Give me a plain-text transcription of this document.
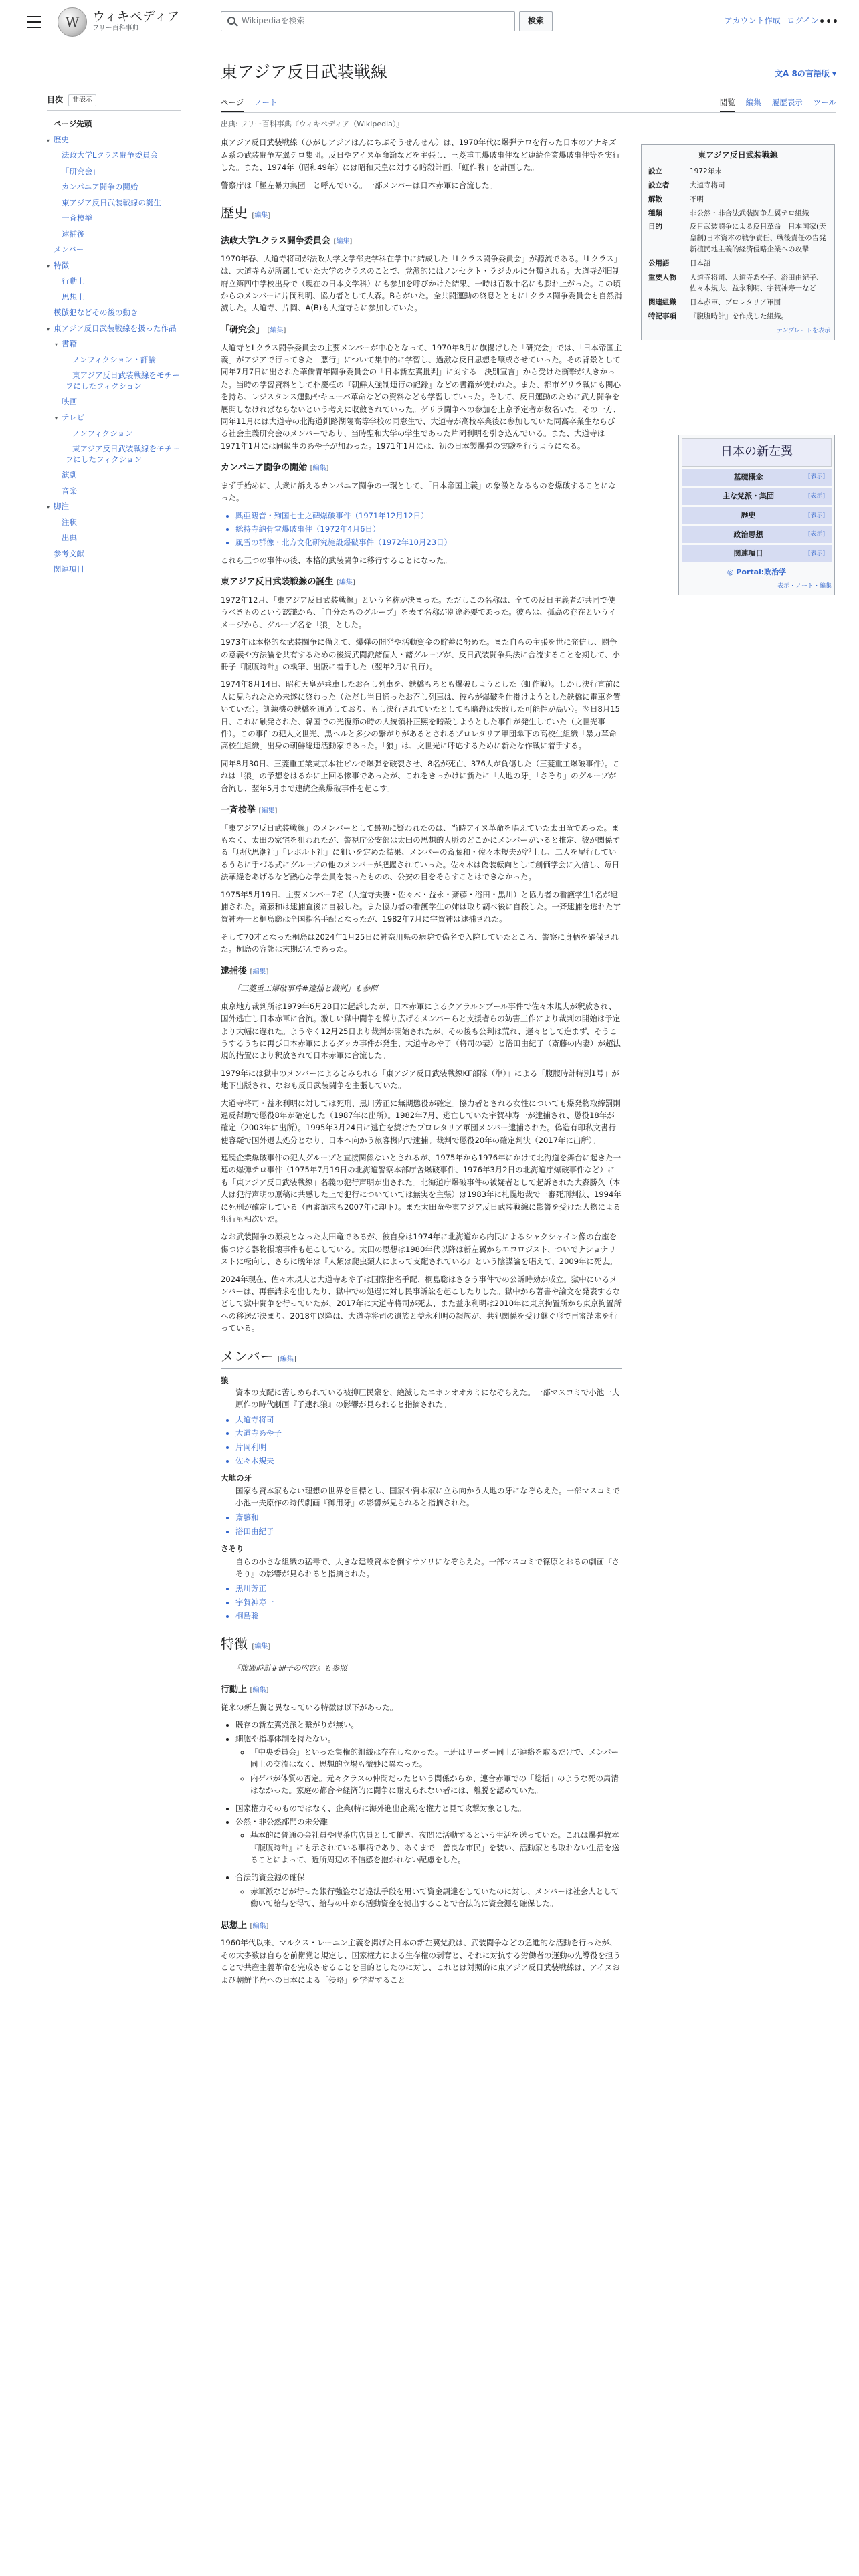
W	ウィキペディア
フリー百科事典
Wikipediaを検索	検索	アカウント作成 ログイン •••
目次	非表示
ページ先頭
▾ 歴史
法政大学Lクラス闘争委員会
「研究会」
カンパニア闘争の開始
東アジア反日武装戦線の誕生
一斉検挙
逮捕後
メンバー
▾ 特徴
行動上
思想上
模倣犯などその後の動き
▾ 東アジア反日武装戦線を扱った作品
▾ 書籍
ノンフィクション・評論
東アジア反日武装戦線をモチーフにしたフィクション
映画
▾ テレビ
ノンフィクション
東アジア反日武装戦線をモチーフにしたフィクション
演劇
音楽
▾ 脚注
注釈
出典
参考文献
関連項目
東アジア反日武装戦線	文A 8の言語版 ▾
ページ ノート	閲覧 編集 履歴表示 ツール
出典: フリー百科事典『ウィキペディア（Wikipedia）』

東アジア反日武装戦線（ひがしアジアはんにちぶそうせんせん）は、1970年代に爆弾テロを行った日本のアナキズム系の武装闘争左翼テロ集団。反日やアイヌ革命論などを主張し、三菱重工爆破事件など連続企業爆破事件等を実行した。また、1974年（昭和49年）には昭和天皇に対する暗殺計画、「虹作戦」を計画した。

警察庁は「極左暴力集団」と呼んでいる。一部メンバーは日本赤軍に合流した。

歴史 [編集]
法政大学Lクラス闘争委員会 [編集]

1970年春、大道寺将司が法政大学文学部史学科在学中に結成した「Lクラス闘争委員会」が源流である。「Lクラス」は、大道寺らが所属していた大学のクラスのことで、党派的にはノンセクト・ラジカルに分類される。大道寺が旧制府立第四中学校出身で（現在の日本文学科）にも参加を呼びかけた結果、一時は百数十名にも膨れ上がった。この頃からのメンバーに片岡利明、協力者として大森。Bらがいた。全共闘運動の終息とともにLクラス闘争委員会も自然消滅した。大道寺、片岡、A(B)も大道寺らに参加していた。

「研究会」 [編集]

大道寺とLクラス闘争委員会の主要メンバーが中心となって、1970年8月に旗揚げした「研究会」では、「日本帝国主義」がアジアで行ってきた「悪行」について集中的に学習し、過激な反日思想を醸成させていった。その背景として同年7月7日に出された華僑青年闘争委員会の「日本新左翼批判」に対する「決別宣言」から受けた衝撃が大きかった。当時の学習資料として朴慶植の『朝鮮人強制連行の記録』などの書籍が使われた。また、都市ゲリラ戦にも関心を持ち、レジスタンス運動やキューバ革命などの資料なども学習していった。そして、反日運動のために武力闘争を展開しなければならないという考えに収斂されていった。ゲリラ闘争への参加を上京予定者が数名いた。その一方、同年11月には大道寺の北海道釧路湖陵高等学校の同窓生で、大道寺が高校卒業後に参加していた同高卒業生ならびる社会主義研究会のメンバーであり、当時聖和大学の学生であった片岡利明を引き込んでいる。また、大道寺は1971年1月には同級生のあや子が加わった。1971年1月には、初の日本製爆弾の実験を行うようになる。

カンパニア闘争の開始 [編集]

まず手始めに、大衆に訴えるカンパニア闘争の一環として、「日本帝国主義」の象徴となるものを爆破することになった。

• 興亜観音・殉国七士之碑爆破事件（1971年12月12日）
• 総持寺納骨堂爆破事件（1972年4月6日）
• 風雪の群像・北方文化研究施設爆破事件（1972年10月23日）

これら三つの事件の後、本格的武装闘争に移行することになった。

東アジア反日武装戦線の誕生 [編集]

1972年12月、「東アジア反日武装戦線」という名称が決まった。ただしこの名称は、全ての反日主義者が共同で使うべきものという認識から、「自分たちのグループ」を表す名称が別途必要であった。彼らは、孤高の存在というイメージから、グループ名を「狼」とした。

1973年は本格的な武装闘争に備えて、爆弾の開発や活動資金の貯蓄に努めた。また自らの主張を世に発信し、闘争の意義や方法論を共有するための後続武闘派諸個人・諸グループが、反日武装闘争兵法に合流することを期して、小冊子『腹腹時計』の執筆、出版に着手した（翌年2月に刊行）。

1974年8月14日、昭和天皇が乗車したお召し列車を、鉄橋もろとも爆破しようとした（虹作戦）。しかし決行直前に人に見られたため未遂に終わった（ただし当日通ったお召し列車は、彼らが爆破を仕掛けようとした鉄橋に電車を置いていた）。訓練機の鉄橋を通過しており、もし決行されていたとしても暗殺は失敗した可能性が高い）。翌日8月15日、これに触発された、韓国での光復節の時の大統領朴正煕を暗殺しようとした事件が発生していた（文世光事件）。この事件の犯人文世光、黒ヘルと多少の繋がりがあるとされるプロレタリア軍団傘下の高校生組織「暴力革命高校生組織」出身の朝鮮総連活動家であった。「狼」は、文世光に呼応するために新たな作戦に着手する。

同年8月30日、三菱重工業東京本社ビルで爆弾を破裂させ、8名が死亡、376人が負傷した（三菱重工爆破事件）。これは「狼」の予想をはるかに上回る惨事であったが、これをきっかけに新たに「大地の牙」「さそり」のグループが合流し、翌年5月まで連続企業爆破事件を起こす。

一斉検挙 [編集]

「東アジア反日武装戦線」のメンバーとして最初に疑われたのは、当時アイヌ革命を唱えていた太田竜であった。まもなく、太田の家宅を狙われたが、警視庁公安部は太田の思想的人脈のどこかにメンバーがいると推定、彼が関係する「現代思潮社」「レボルト社」に狙いを定めた結果、メンバーの斎藤和・佐々木規夫が浮上し、二人を尾行しているうちに手づる式にグループの他のメンバーが把握されていった。佐々木は偽装転向として創価学会に入信し、毎日法華経をあげるなど熱心な学会員を装ったものの、公安の目をそらすことはできなかった。

1975年5月19日、主要メンバー7名（大道寺夫妻・佐々木・益永・斎藤・浴田・黒川）と協力者の看護学生1名が逮捕された。斎藤和は逮捕直後に自殺した。また協力者の看護学生の姉は取り調べ後に自殺した。一斉逮捕を逃れた宇賀神寿一と桐島聡は全国指名手配となったが、1982年7月に宇賀神は逮捕された。

そして70才となった桐島は2024年1月25日に神奈川県の病院で偽名で入院していたところ、警察に身柄を確保された。桐島の容態は末期がんであった。

逮捕後 [編集]
「三菱重工爆破事件#逮捕と裁判」も参照

東京地方裁判所は1979年6月28日に起訴したが、日本赤軍によるクアラルンプール事件で佐々木規夫が釈放され、国外逃亡し日本赤軍に合流。激しい獄中闘争を繰り広げるメンバーらと支援者らの妨害工作により裁判の開始は予定より大幅に遅れた。ようやく12月25日より裁判が開始されたが、その後も公判は荒れ、遅々として進まず、そうこうするうちに再び日本赤軍によるダッカ事件が発生、大道寺あや子（将司の妻）と浴田由紀子（斎藤の内妻）が超法規的措置により釈放されて日本赤軍に合流した。

1979年には獄中のメンバーによるとみられる「東アジア反日武装戦線KF部隊（準）」による「腹腹時計特別1号」が地下出版され、なおも反日武装闘争を主張していた。

大道寺将司・益永利明に対しては死刑、黒川芳正に無期懲役が確定。協力者とされる女性についても爆発物取締罰則違反幇助で懲役8年が確定した（1987年に出所）。1982年7月、逃亡していた宇賀神寿一が逮捕され、懲役18年が確定（2003年に出所）。1995年3月24日に逃亡を続けたプロレタリア軍団メンバー逮捕された。偽造有印私文書行使容疑で国外退去処分となり、日本へ向かう旅客機内で逮捕。裁判で懲役20年の確定判決（2017年に出所）。

連続企業爆破事件の犯人グループと直接関係ないとされるが、1975年から1976年にかけて北海道を舞台に起きた一連の爆弾テロ事件（1975年7月19日の北海道警察本部庁舎爆破事件、1976年3月2日の北海道庁爆破事件など）にも「東アジア反日武装戦線」名義の犯行声明が出された。北海道庁爆破事件の被疑者として起訴された大森勝久（本人は犯行声明の原稿に共感した上で犯行についていては無実を主張）は1983年に札幌地裁で一審死刑判決、1994年に死刑が確定している（再審請求も2007年に却下）。また太田竜や東アジア反日武装戦線に影響を受けた人物による犯行も相次いだ。

なお武装闘争の源泉となった太田竜であるが、彼自身は1974年に北海道から内民によるシャクシャイン像の台座を傷つける器物損壊事件も起こしている。太田の思想は1980年代以降は新左翼からエコロジスト、ついでナショナリストに転向し、さらに晩年は『人類は爬虫類人によって支配されている』という陰謀論を唱えて、2009年に死去。

2024年現在、佐々木規夫と大道寺あや子は国際指名手配、桐島聡はさきう事件での公訴時効が成立。獄中にいるメンバーは、再審請求を出したり、獄中での処遇に対し民事訴訟を起こしたりした。獄中から著書や論文を発表するなどして獄中闘争を行っていたが、2017年に大道寺将司が死去、また益永利明は2010年に東京拘置所から東京拘置所への移送が決まり、2018年以降は、大道寺将司の遺族と益永利明の親族が、共犯関係を受け継ぐ形で再審請求を行っている。

メンバー [編集]
狼
資本の支配に苦しめられている被抑圧民衆を、絶滅したニホンオオカミになぞらえた。一部マスコミで小池一夫原作の時代劇画『子連れ狼』の影響が見られると指摘された。
• 大道寺将司
• 大道寺あや子
• 片岡利明
• 佐々木規夫
大地の牙
国家も資本家もない理想の世界を目標とし、国家や資本家に立ち向かう大地の牙になぞらえた。一部マスコミで小池一夫原作の時代劇画『御用牙』の影響が見られると指摘された。
• 斎藤和
• 浴田由紀子
さそり
自らの小さな組織の猛毒で、大きな建設資本を倒すサソリになぞらえた。一部マスコミで篠原とおるの劇画『さそり』の影響が見られると指摘された。
• 黒川芳正
• 宇賀神寿一
• 桐島聡
特徴 [編集]
『腹腹時計#冊子の内容』も参照
行動上 [編集]

従来の新左翼と異なっている特徴は以下があった。

• 既存の新左翼党派と繋がりが無い。
• 細胞や指導体制を持たない。
◦ 「中央委員会」といった集権的組織は存在しなかった。三班はリーダー同士が連絡を取るだけで、メンバー同士の交流はなく、思想的立場も微妙に異なった。
◦ 内ゲバが体質の否定。元々クラスの仲間だったという関係からか、連合赤軍での「総括」のような死の粛清はなかった。家庭の都合や経済的に闘争に耐えられない者には、離脱を認めていた。
• 国家権力そのものではなく、企業(特に海外進出企業)を権力と見て攻撃対象とした。
• 公然・非公然部門の未分離
◦ 基本的に普通の会社員や喫茶店店員として働き、夜間に活動するという生活を送っていた。これは爆弾教本『腹腹時計』にも示されている事柄であり、あくまで「善良な市民」を装い、活動家とも取れない生活を送ることによって、近所周辺の不信感を抱かれない配慮をした。
• 合法的資金源の確保
◦ 赤軍派などが行った銀行強盗など違法手段を用いて資金調達をしていたのに対し、メンバーは社会人として働いて給与を得て、給与の中から活動資金を拠出することで合法的に資金源を確保した。
思想上 [編集]

1960年代以来、マルクス・レーニン主義を掲げた日本の新左翼党派は、武装闘争などの急進的な活動を行ったが、その大多数は自らを前衛党と規定し、国家権力による生存権の剥奪と、それに対抗する労働者の運動の先導役を担うことで共産主義革命を完成させることを目的としたのに対し、これとは対照的に東アジア反日武装戦線は、アイヌおよび朝鮮半島への日本による「侵略」を学習すること

東アジア反日武装戦線
設立	1972年末
設立者	大道寺将司
解散	不明
種類	非公然・非合法武装闘争左翼テロ組織
目的	反日武装闘争による反日革命　日本国家(天皇制)日本資本の戦争責任、戦後責任の告発　新植民地主義的経済侵略企業への攻撃
公用語	日本語
重要人物	大道寺将司、大道寺あや子、浴田由紀子、佐々木規夫、益永利明、宇賀神寿一など
関連組織	日本赤軍、プロレタリア軍団
特記事項	『腹腹時計』を作成した組織。
テンプレートを表示
日本の新左翼
基礎概念	[表示]
主な党派・集団	[表示]
歴史	[表示]
政治思想	[表示]
関連項目	[表示]
◎ Portal:政治学
表示・ノート・編集
